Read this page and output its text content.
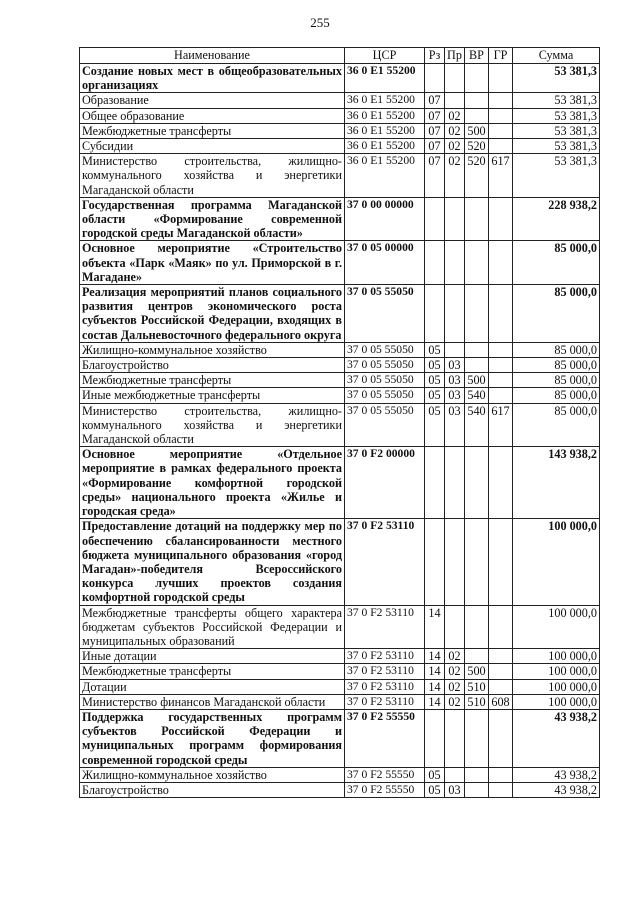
255
Наименование	ЦСР	Рз	Пр	ВР	ГР	Сумма
Создание новых мест в общеобразовательных организациях	36 0 E1 55200					53 381,3
Образование	36 0 E1 55200	07				53 381,3
Общее образование	36 0 E1 55200	07	02			53 381,3
Межбюджетные трансферты	36 0 E1 55200	07	02	500		53 381,3
Субсидии	36 0 E1 55200	07	02	520		53 381,3
Министерство строительства, жилищно-коммунального хозяйства и энергетики Магаданской области	36 0 E1 55200	07	02	520	617	53 381,3
Государственная программа Магаданской области «Формирование современной городской среды Магаданской области»	37 0 00 00000					228 938,2
Основное мероприятие «Строительство объекта «Парк «Маяк» по ул. Приморской в г. Магадане»	37 0 05 00000					85 000,0
Реализация мероприятий планов социального развития центров экономического роста субъектов Российской Федерации, входящих в состав Дальневосточного федерального округа	37 0 05 55050					85 000,0
Жилищно-коммунальное хозяйство	37 0 05 55050	05				85 000,0
Благоустройство	37 0 05 55050	05	03			85 000,0
Межбюджетные трансферты	37 0 05 55050	05	03	500		85 000,0
Иные межбюджетные трансферты	37 0 05 55050	05	03	540		85 000,0
Министерство строительства, жилищно-коммунального хозяйства и энергетики Магаданской области	37 0 05 55050	05	03	540	617	85 000,0
Основное мероприятие «Отдельное мероприятие в рамках федерального проекта «Формирование комфортной городской среды» национального проекта «Жилье и городская среда»	37 0 F2 00000					143 938,2
Предоставление дотаций на поддержку мер по обеспечению сбалансированности местного бюджета муниципального образования «город Магадан»-победителя Всероссийского конкурса лучших проектов создания комфортной городской среды	37 0 F2 53110					100 000,0
Межбюджетные трансферты общего характера бюджетам субъектов Российской Федерации и муниципальных образований	37 0 F2 53110	14				100 000,0
Иные дотации	37 0 F2 53110	14	02			100 000,0
Межбюджетные трансферты	37 0 F2 53110	14	02	500		100 000,0
Дотации	37 0 F2 53110	14	02	510		100 000,0
Министерство финансов Магаданской области	37 0 F2 53110	14	02	510	608	100 000,0
Поддержка государственных программ субъектов Российской Федерации и муниципальных программ формирования современной городской среды	37 0 F2 55550					43 938,2
Жилищно-коммунальное хозяйство	37 0 F2 55550	05				43 938,2
Благоустройство	37 0 F2 55550	05	03			43 938,2
